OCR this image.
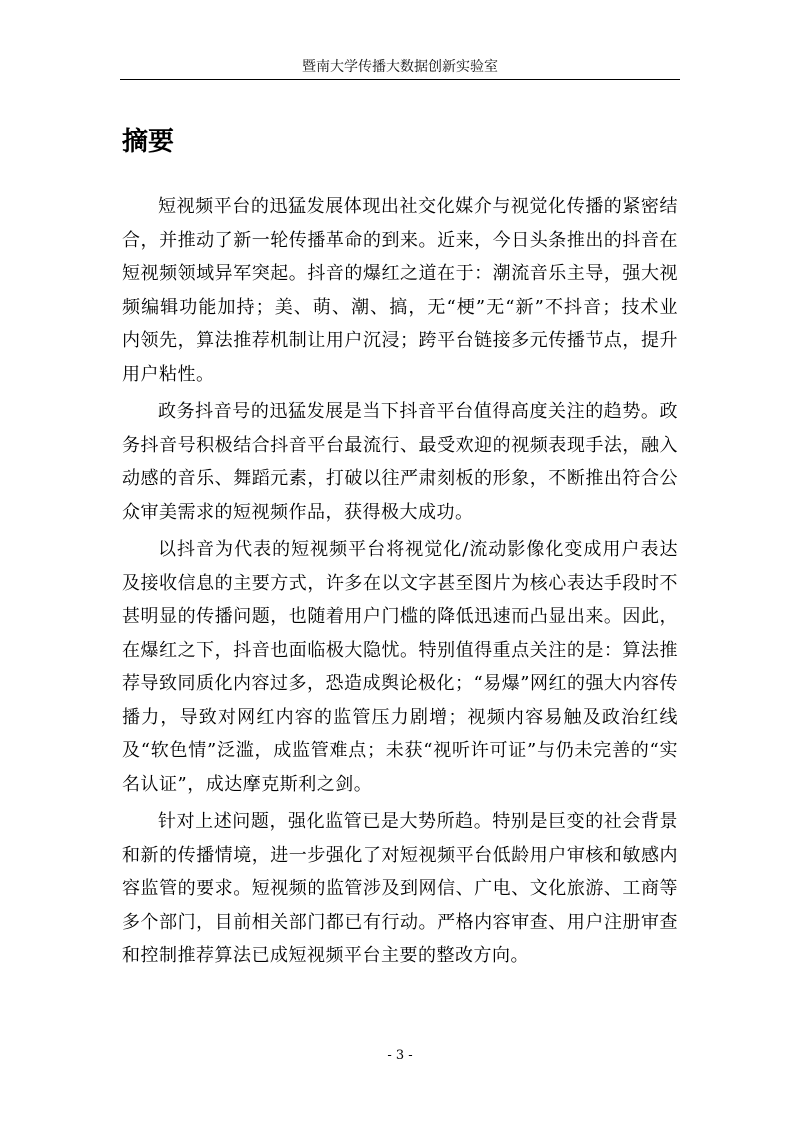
暨南大学传播大数据创新实验室
摘要

短视频平台的迅猛发展体现出社交化媒介与视觉化传播的紧密结合，并推动了新一轮传播革命的到来。近来，今日头条推出的抖音在短视频领域异军突起。抖音的爆红之道在于：潮流音乐主导，强大视频编辑功能加持；美、萌、潮、搞，无“梗”无“新”不抖音；技术业内领先，算法推荐机制让用户沉浸；跨平台链接多元传播节点，提升用户粘性。

政务抖音号的迅猛发展是当下抖音平台值得高度关注的趋势。政务抖音号积极结合抖音平台最流行、最受欢迎的视频表现手法，融入动感的音乐、舞蹈元素，打破以往严肃刻板的形象，不断推出符合公众审美需求的短视频作品，获得极大成功。

以抖音为代表的短视频平台将视觉化/流动影像化变成用户表达及接收信息的主要方式，许多在以文字甚至图片为核心表达手段时不甚明显的传播问题，也随着用户门槛的降低迅速而凸显出来。因此，在爆红之下，抖音也面临极大隐忧。特别值得重点关注的是：算法推荐导致同质化内容过多，恐造成舆论极化；“易爆”网红的强大内容传播力，导致对网红内容的监管压力剧增；视频内容易触及政治红线及“软色情”泛滥，成监管难点；未获“视听许可证”与仍未完善的“实名认证”，成达摩克斯利之剑。

针对上述问题，强化监管已是大势所趋。特别是巨变的社会背景和新的传播情境，进一步强化了对短视频平台低龄用户审核和敏感内容监管的要求。短视频的监管涉及到网信、广电、文化旅游、工商等多个部门，目前相关部门都已有行动。严格内容审查、用户注册审查和控制推荐算法已成短视频平台主要的整改方向。

- 3 -
